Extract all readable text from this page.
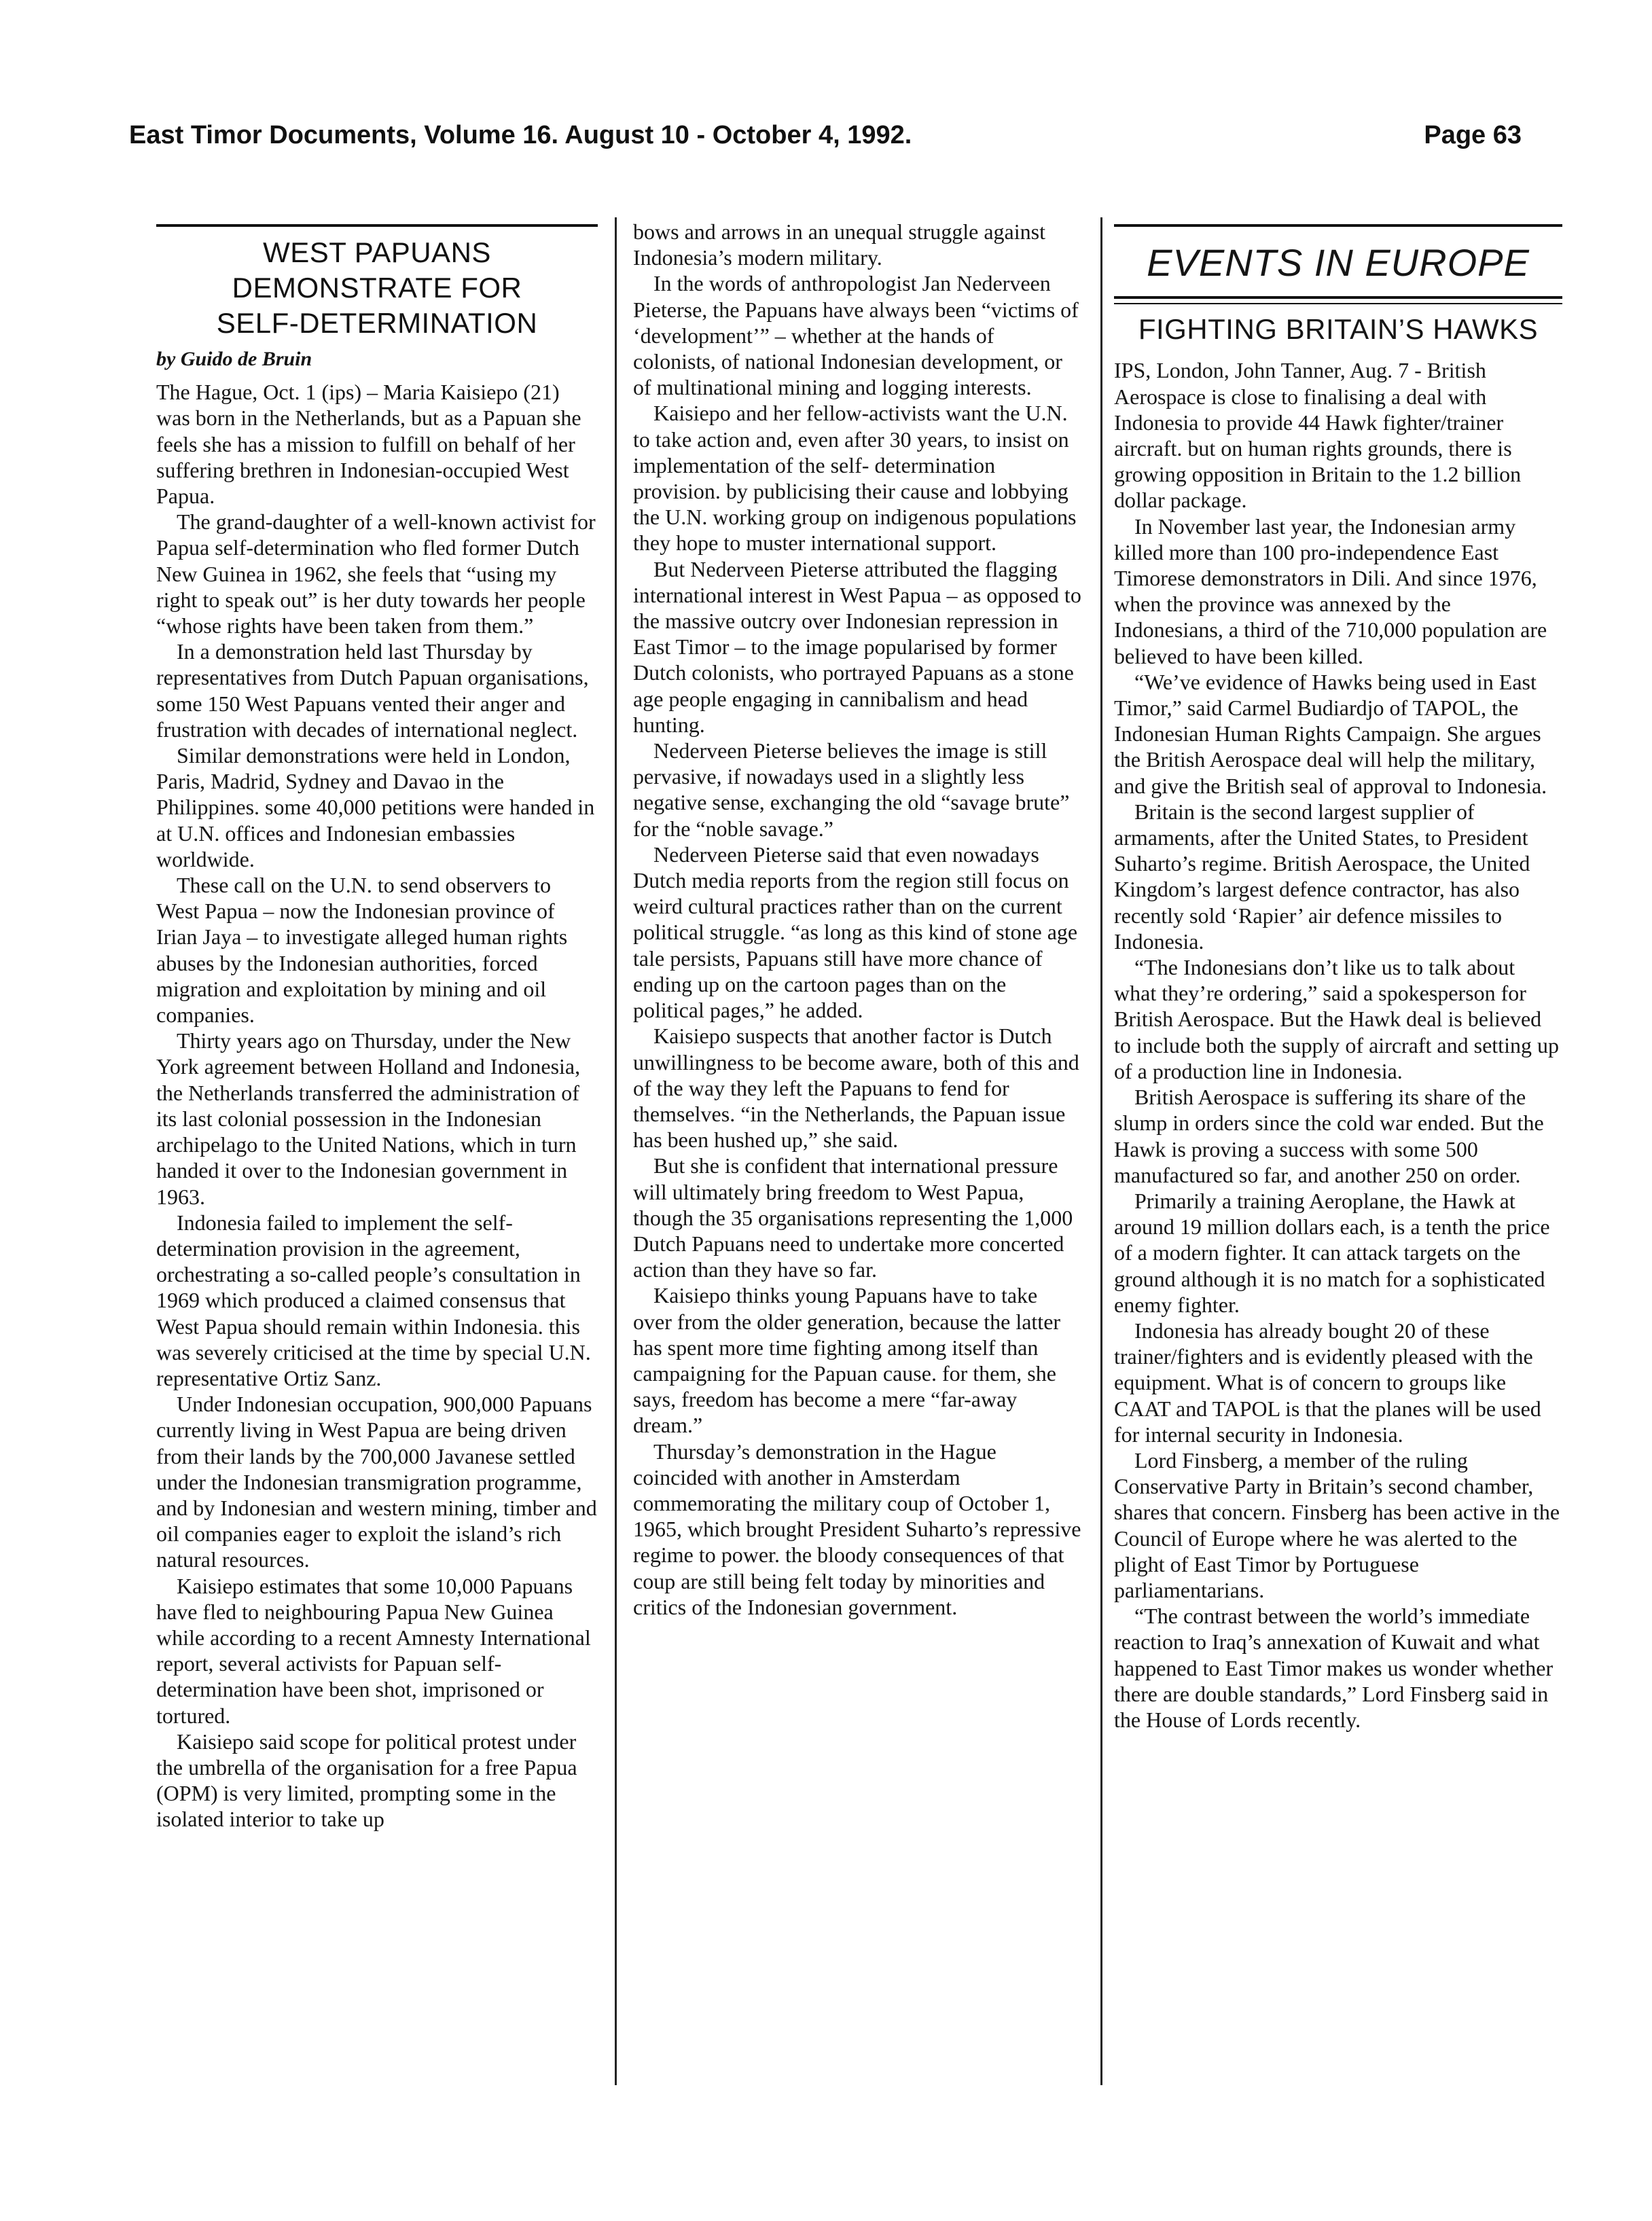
East Timor Documents, Volume 16. August 10 - October 4, 1992.	Page 63
WEST PAPUANS
DEMONSTRATE FOR
SELF-DETERMINATION
by Guido de Bruin

The Hague, Oct. 1 (ips) – Maria Kaisiepo (21) was born in the Netherlands, but as a Papuan she feels she has a mission to fulfill on behalf of her suffering brethren in Indonesian-occupied West Papua.

The grand-daughter of a well-known activist for Papua self-determination who fled former Dutch New Guinea in 1962, she feels that “using my right to speak out” is her duty towards her people “whose rights have been taken from them.”

In a demonstration held last Thursday by representatives from Dutch Papuan organisations, some 150 West Papuans vented their anger and frustration with decades of international neglect.

Similar demonstrations were held in London, Paris, Madrid, Sydney and Davao in the Philippines. some 40,000 petitions were handed in at U.N. offices and Indonesian embassies worldwide.

These call on the U.N. to send observers to West Papua – now the Indonesian province of Irian Jaya – to investigate alleged human rights abuses by the Indonesian authorities, forced migration and exploitation by mining and oil companies.

Thirty years ago on Thursday, under the New York agreement between Holland and Indonesia, the Netherlands transferred the administration of its last colonial possession in the Indonesian archipelago to the United Nations, which in turn handed it over to the Indonesian government in 1963.

Indonesia failed to implement the self-determination provision in the agreement, orchestrating a so-called people’s consultation in 1969 which produced a claimed consensus that West Papua should remain within Indonesia. this was severely criticised at the time by special U.N. representative Ortiz Sanz.

Under Indonesian occupation, 900,000 Papuans currently living in West Papua are being driven from their lands by the 700,000 Javanese settled under the Indonesian transmigration programme, and by Indonesian and western mining, timber and oil companies eager to exploit the island’s rich natural resources.

Kaisiepo estimates that some 10,000 Papuans have fled to neighbouring Papua New Guinea while according to a recent Amnesty International report, several activists for Papuan self-determination have been shot, imprisoned or tortured.

Kaisiepo said scope for political protest under the umbrella of the organisation for a free Papua (OPM) is very limited, prompting some in the isolated interior to take up

bows and arrows in an unequal struggle against Indonesia’s modern military.

In the words of anthropologist Jan Nederveen Pieterse, the Papuans have always been “victims of ‘development’” – whether at the hands of colonists, of national Indonesian development, or of multinational mining and logging interests.

Kaisiepo and her fellow-activists want the U.N. to take action and, even after 30 years, to insist on implementation of the self- determination provision. by publicising their cause and lobbying the U.N. working group on indigenous populations they hope to muster international support.

But Nederveen Pieterse attributed the flagging international interest in West Papua – as opposed to the massive outcry over Indonesian repression in East Timor – to the image popularised by former Dutch colonists, who portrayed Papuans as a stone age people engaging in cannibalism and head hunting.

Nederveen Pieterse believes the image is still pervasive, if nowadays used in a slightly less negative sense, exchanging the old “savage brute” for the “noble savage.”

Nederveen Pieterse said that even nowadays Dutch media reports from the region still focus on weird cultural practices rather than on the current political struggle. “as long as this kind of stone age tale persists, Papuans still have more chance of ending up on the cartoon pages than on the political pages,” he added.

Kaisiepo suspects that another factor is Dutch unwillingness to be become aware, both of this and of the way they left the Papuans to fend for themselves. “in the Netherlands, the Papuan issue has been hushed up,” she said.

But she is confident that international pressure will ultimately bring freedom to West Papua, though the 35 organisations representing the 1,000 Dutch Papuans need to undertake more concerted action than they have so far.

Kaisiepo thinks young Papuans have to take over from the older generation, because the latter has spent more time fighting among itself than campaigning for the Papuan cause. for them, she says, freedom has become a mere “far-away dream.”

Thursday’s demonstration in the Hague coincided with another in Amsterdam commemorating the military coup of October 1, 1965, which brought President Suharto’s repressive regime to power. the bloody consequences of that coup are still being felt today by minorities and critics of the Indonesian government.

EVENTS IN EUROPE
FIGHTING BRITAIN’S HAWKS

IPS, London, John Tanner, Aug. 7 - British Aerospace is close to finalising a deal with Indonesia to provide 44 Hawk fighter/trainer aircraft. but on human rights grounds, there is growing opposition in Britain to the 1.2 billion dollar package.

In November last year, the Indonesian army killed more than 100 pro-independence East Timorese demonstrators in Dili. And since 1976, when the province was annexed by the Indonesians, a third of the 710,000 population are believed to have been killed.

“We’ve evidence of Hawks being used in East Timor,” said Carmel Budiardjo of TAPOL, the Indonesian Human Rights Campaign. She argues the British Aerospace deal will help the military, and give the British seal of approval to Indonesia.

Britain is the second largest supplier of armaments, after the United States, to President Suharto’s regime. British Aerospace, the United Kingdom’s largest defence contractor, has also recently sold ‘Rapier’ air defence missiles to Indonesia.

“The Indonesians don’t like us to talk about what they’re ordering,” said a spokesperson for British Aerospace. But the Hawk deal is believed to include both the supply of aircraft and setting up of a production line in Indonesia.

British Aerospace is suffering its share of the slump in orders since the cold war ended. But the Hawk is proving a success with some 500 manufactured so far, and another 250 on order.

Primarily a training Aeroplane, the Hawk at around 19 million dollars each, is a tenth the price of a modern fighter. It can attack targets on the ground although it is no match for a sophisticated enemy fighter.

Indonesia has already bought 20 of these trainer/fighters and is evidently pleased with the equipment. What is of concern to groups like CAAT and TAPOL is that the planes will be used for internal security in Indonesia.

Lord Finsberg, a member of the ruling Conservative Party in Britain’s second chamber, shares that concern. Finsberg has been active in the Council of Europe where he was alerted to the plight of East Timor by Portuguese parliamentarians.

“The contrast between the world’s immediate reaction to Iraq’s annexation of Kuwait and what happened to East Timor makes us wonder whether there are double standards,” Lord Finsberg said in the House of Lords recently.
